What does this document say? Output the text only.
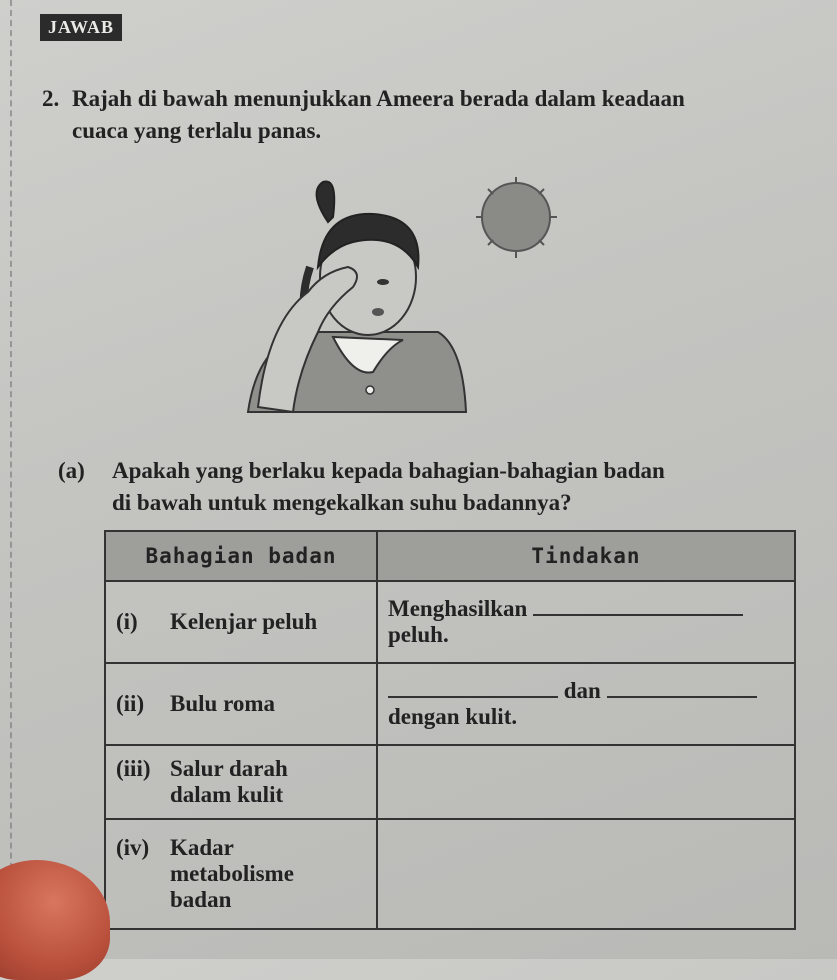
JAWAB
2. Rajah di bawah menunjukkan Ameera berada dalam keadaan
cuaca yang terlalu panas.
(a) Apakah yang berlaku kepada bahagian-bahagian badan
di bawah untuk mengekalkan suhu badannya?
Bahagian badan	Tindakan
(i) Kelenjar peluh	Menghasilkan
peluh.
(ii) Bulu roma	dan
dengan kulit.
(iii) Salur darah
dalam kulit	

(iv) Kadar
metabolisme
badan	
